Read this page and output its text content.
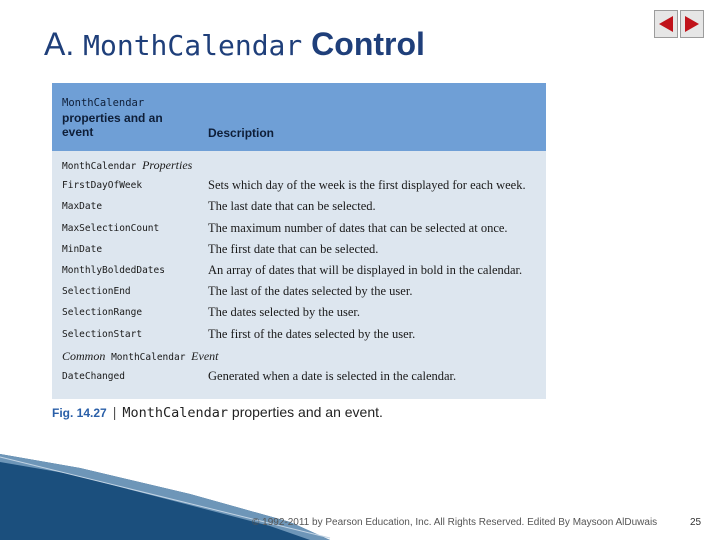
A. MonthCalendar Control
MonthCalendar
properties and an
event	Description
MonthCalendar Properties
FirstDayOfWeek	Sets which day of the week is the first displayed for each week.
MaxDate	The last date that can be selected.
MaxSelectionCount	The maximum number of dates that can be selected at once.
MinDate	The first date that can be selected.
MonthlyBoldedDates	An array of dates that will be displayed in bold in the calendar.
SelectionEnd	The last of the dates selected by the user.
SelectionRange	The dates selected by the user.
SelectionStart	The first of the dates selected by the user.
Common MonthCalendar Event
DateChanged	Generated when a date is selected in the calendar.
Fig. 14.27 | MonthCalendar properties and an event.
© 1992-2011 by Pearson Education, Inc. All Rights Reserved. Edited By Maysoon AlDuwais	25
